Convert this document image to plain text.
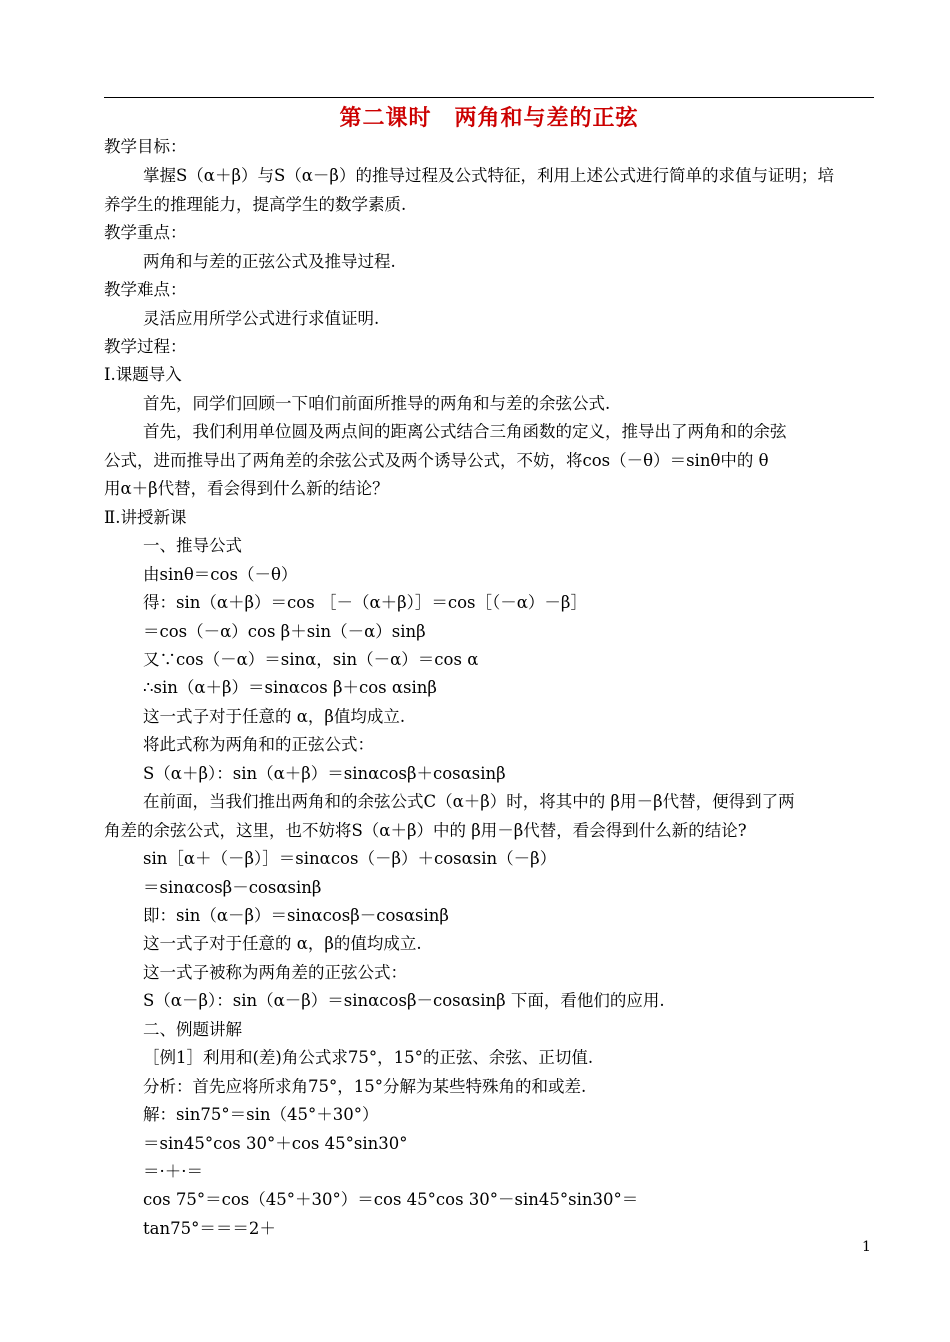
第二课时　两角和与差的正弦
教学目标：
掌握S（α＋β）与S（α－β）的推导过程及公式特征，利用上述公式进行简单的求值与证明；培
养学生的推理能力，提高学生的数学素质.
教学重点：
两角和与差的正弦公式及推导过程.
教学难点：
灵活应用所学公式进行求值证明.
教学过程：
Ⅰ.课题导入
首先，同学们回顾一下咱们前面所推导的两角和与差的余弦公式.
首先，我们利用单位圆及两点间的距离公式结合三角函数的定义，推导出了两角和的余弦
公式，进而推导出了两角差的余弦公式及两个诱导公式，不妨，将cos（－θ）＝sinθ中的 θ
用α＋β代替，看会得到什么新的结论？
Ⅱ.讲授新课
一、推导公式
由sinθ＝cos（－θ）
得：sin（α＋β）＝cos ［－（α＋β）］＝cos［（－α）－β］
＝cos（－α）cos β＋sin（－α）sinβ
又∵cos（－α）＝sinα，sin（－α）＝cos α
∴sin（α＋β）＝sinαcos β＋cos αsinβ
这一式子对于任意的 α，β值均成立.
将此式称为两角和的正弦公式：
S（α＋β）：sin（α＋β）＝sinαcosβ＋cosαsinβ
在前面，当我们推出两角和的余弦公式C（α＋β）时，将其中的 β用－β代替，便得到了两
角差的余弦公式，这里，也不妨将S（α＋β）中的 β用－β代替，看会得到什么新的结论?
sin［α＋（－β）］＝sinαcos（－β）＋cosαsin（－β）
＝sinαcosβ－cosαsinβ
即：sin（α－β）＝sinαcosβ－cosαsinβ
这一式子对于任意的 α，β的值均成立.
这一式子被称为两角差的正弦公式：
S（α－β）：sin（α－β）＝sinαcosβ－cosαsinβ 下面，看他们的应用.
二、例题讲解
［例1］利用和(差)角公式求75°，15°的正弦、余弦、正切值.
分析：首先应将所求角75°，15°分解为某些特殊角的和或差.
解：sin75°＝sin（45°＋30°）
＝sin45°cos 30°＋cos 45°sin30°
＝·＋·＝
cos 75°＝cos（45°＋30°）＝cos 45°cos 30°－sin45°sin30°＝
tan75°＝＝＝2＋
1
